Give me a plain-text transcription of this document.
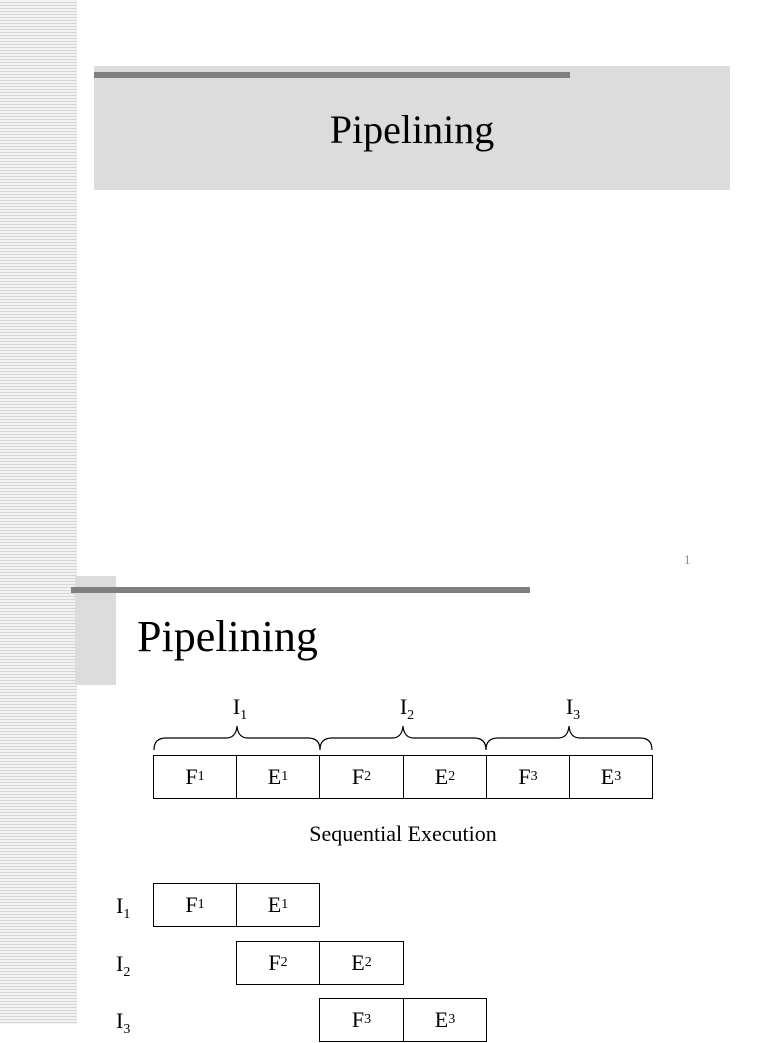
Pipelining
1
Pipelining
$I_1$	$I_2$	$I_3$
F 1	E 1	F 2	E 2	F 3	E 3
Sequential Execution
$I_1$	F 1	E 1
$I_2$	F 2	E 2
$I_3$	F 3	E 3
